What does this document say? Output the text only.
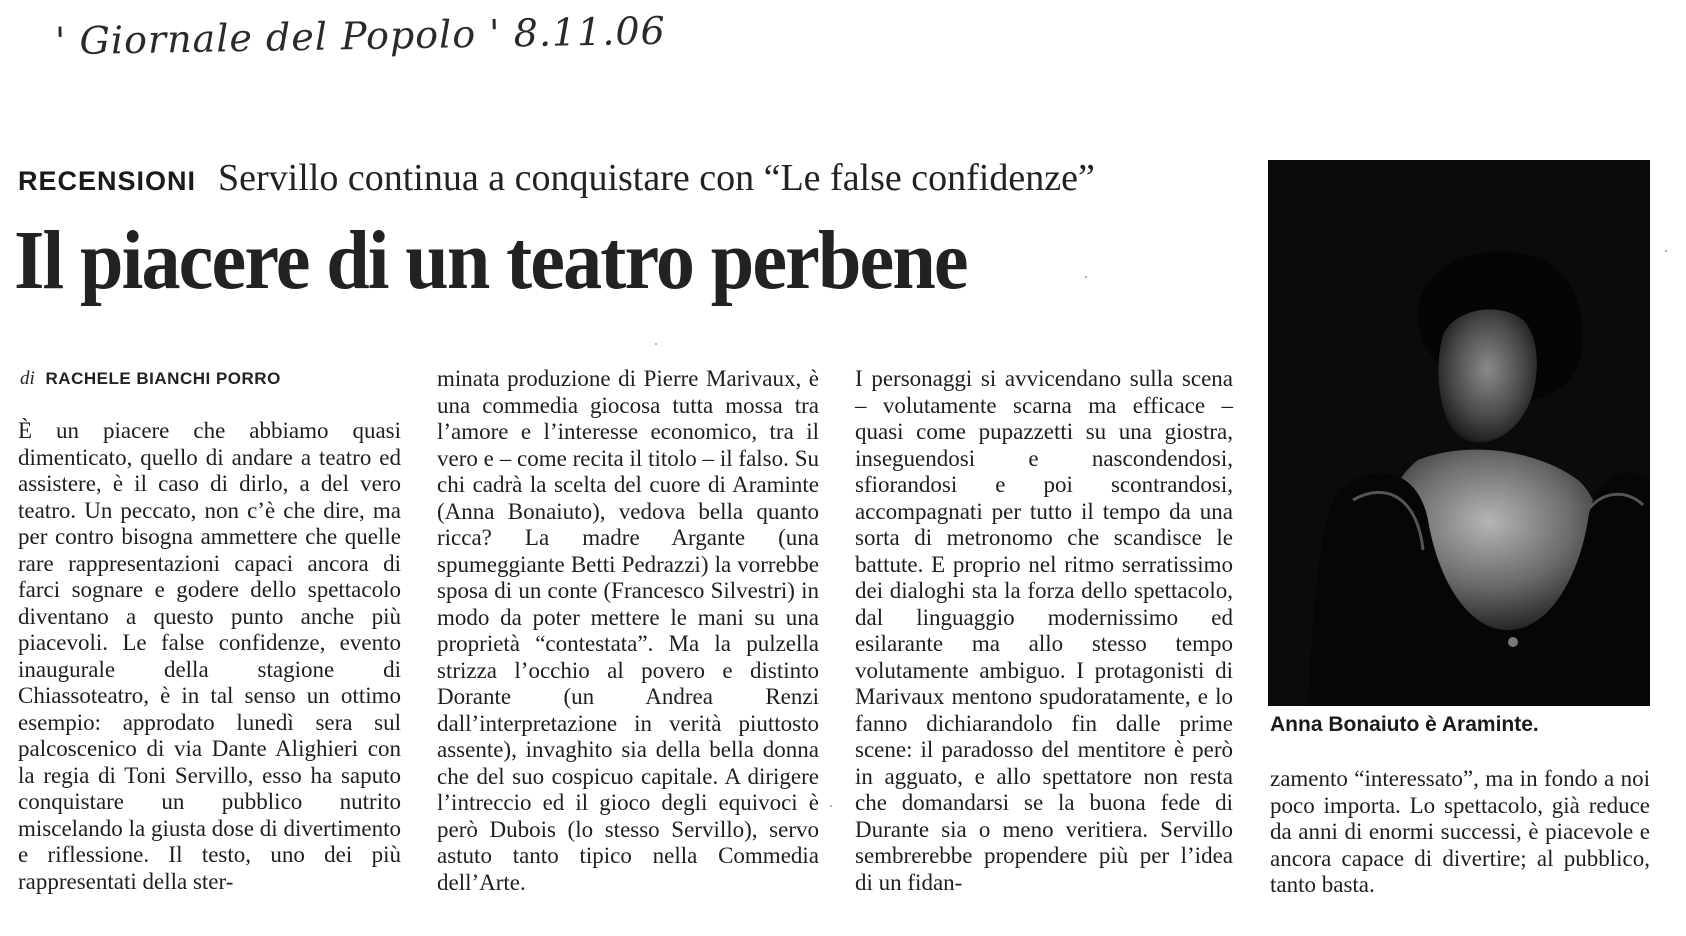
' Giornale del Popolo ' 8.11.06
RECENSIONI Servillo continua a conquistare con “Le false confidenze”
Il piacere di un teatro perbene
di RACHELE BIANCHI PORRO

È un piacere che abbiamo quasi dimenticato, quello di andare a teatro ed assistere, è il caso di dirlo, a del vero teatro. Un peccato, non c’è che dire, ma per contro bisogna ammettere che quelle rare rappresentazioni capaci ancora di farci sognare e godere dello spettacolo diventano a questo punto anche più piacevoli. Le false confidenze, evento inaugurale della stagione di Chiassoteatro, è in tal senso un ottimo esempio: approdato lunedì sera sul palcoscenico di via Dante Alighieri con la regia di Toni Servillo, esso ha saputo conquistare un pubblico nutrito miscelando la giusta dose di divertimento e riflessione. Il testo, uno dei più rappresentati della ster-

minata produzione di Pierre Marivaux, è una commedia giocosa tutta mossa tra l’amore e l’interesse economico, tra il vero e – come recita il titolo – il falso. Su chi cadrà la scelta del cuore di Araminte (Anna Bonaiuto), vedova bella quanto ricca? La madre Argante (una spumeggiante Betti Pedrazzi) la vorrebbe sposa di un conte (Francesco Silvestri) in modo da poter mettere le mani su una proprietà “contestata”. Ma la pulzella strizza l’occhio al povero e distinto Dorante (un Andrea Renzi dall’interpretazione in verità piuttosto assente), invaghito sia della bella donna che del suo cospicuo capitale. A dirigere l’intreccio ed il gioco degli equivoci è però Dubois (lo stesso Servillo), servo astuto tanto tipico nella Commedia dell’Arte.

I personaggi si avvicendano sulla scena – volutamente scarna ma efficace – quasi come pupazzetti su una giostra, inseguendosi e nascondendosi, sfiorandosi e poi scontrandosi, accompagnati per tutto il tempo da una sorta di metronomo che scandisce le battute. E proprio nel ritmo serratissimo dei dialoghi sta la forza dello spettacolo, dal linguaggio modernissimo ed esilarante ma allo stesso tempo volutamente ambiguo. I protagonisti di Marivaux mentono spudoratamente, e lo fanno dichiarandolo fin dalle prime scene: il paradosso del mentitore è però in agguato, e allo spettatore non resta che domandarsi se la buona fede di Durante sia o meno veritiera. Servillo sembrerebbe propendere più per l’idea di un fidan-

Anna Bonaiuto è Araminte.

zamento “interessato”, ma in fondo a noi poco importa. Lo spettacolo, già reduce da anni di enormi successi, è piacevole e ancora capace di divertire; al pubblico, tanto basta.
